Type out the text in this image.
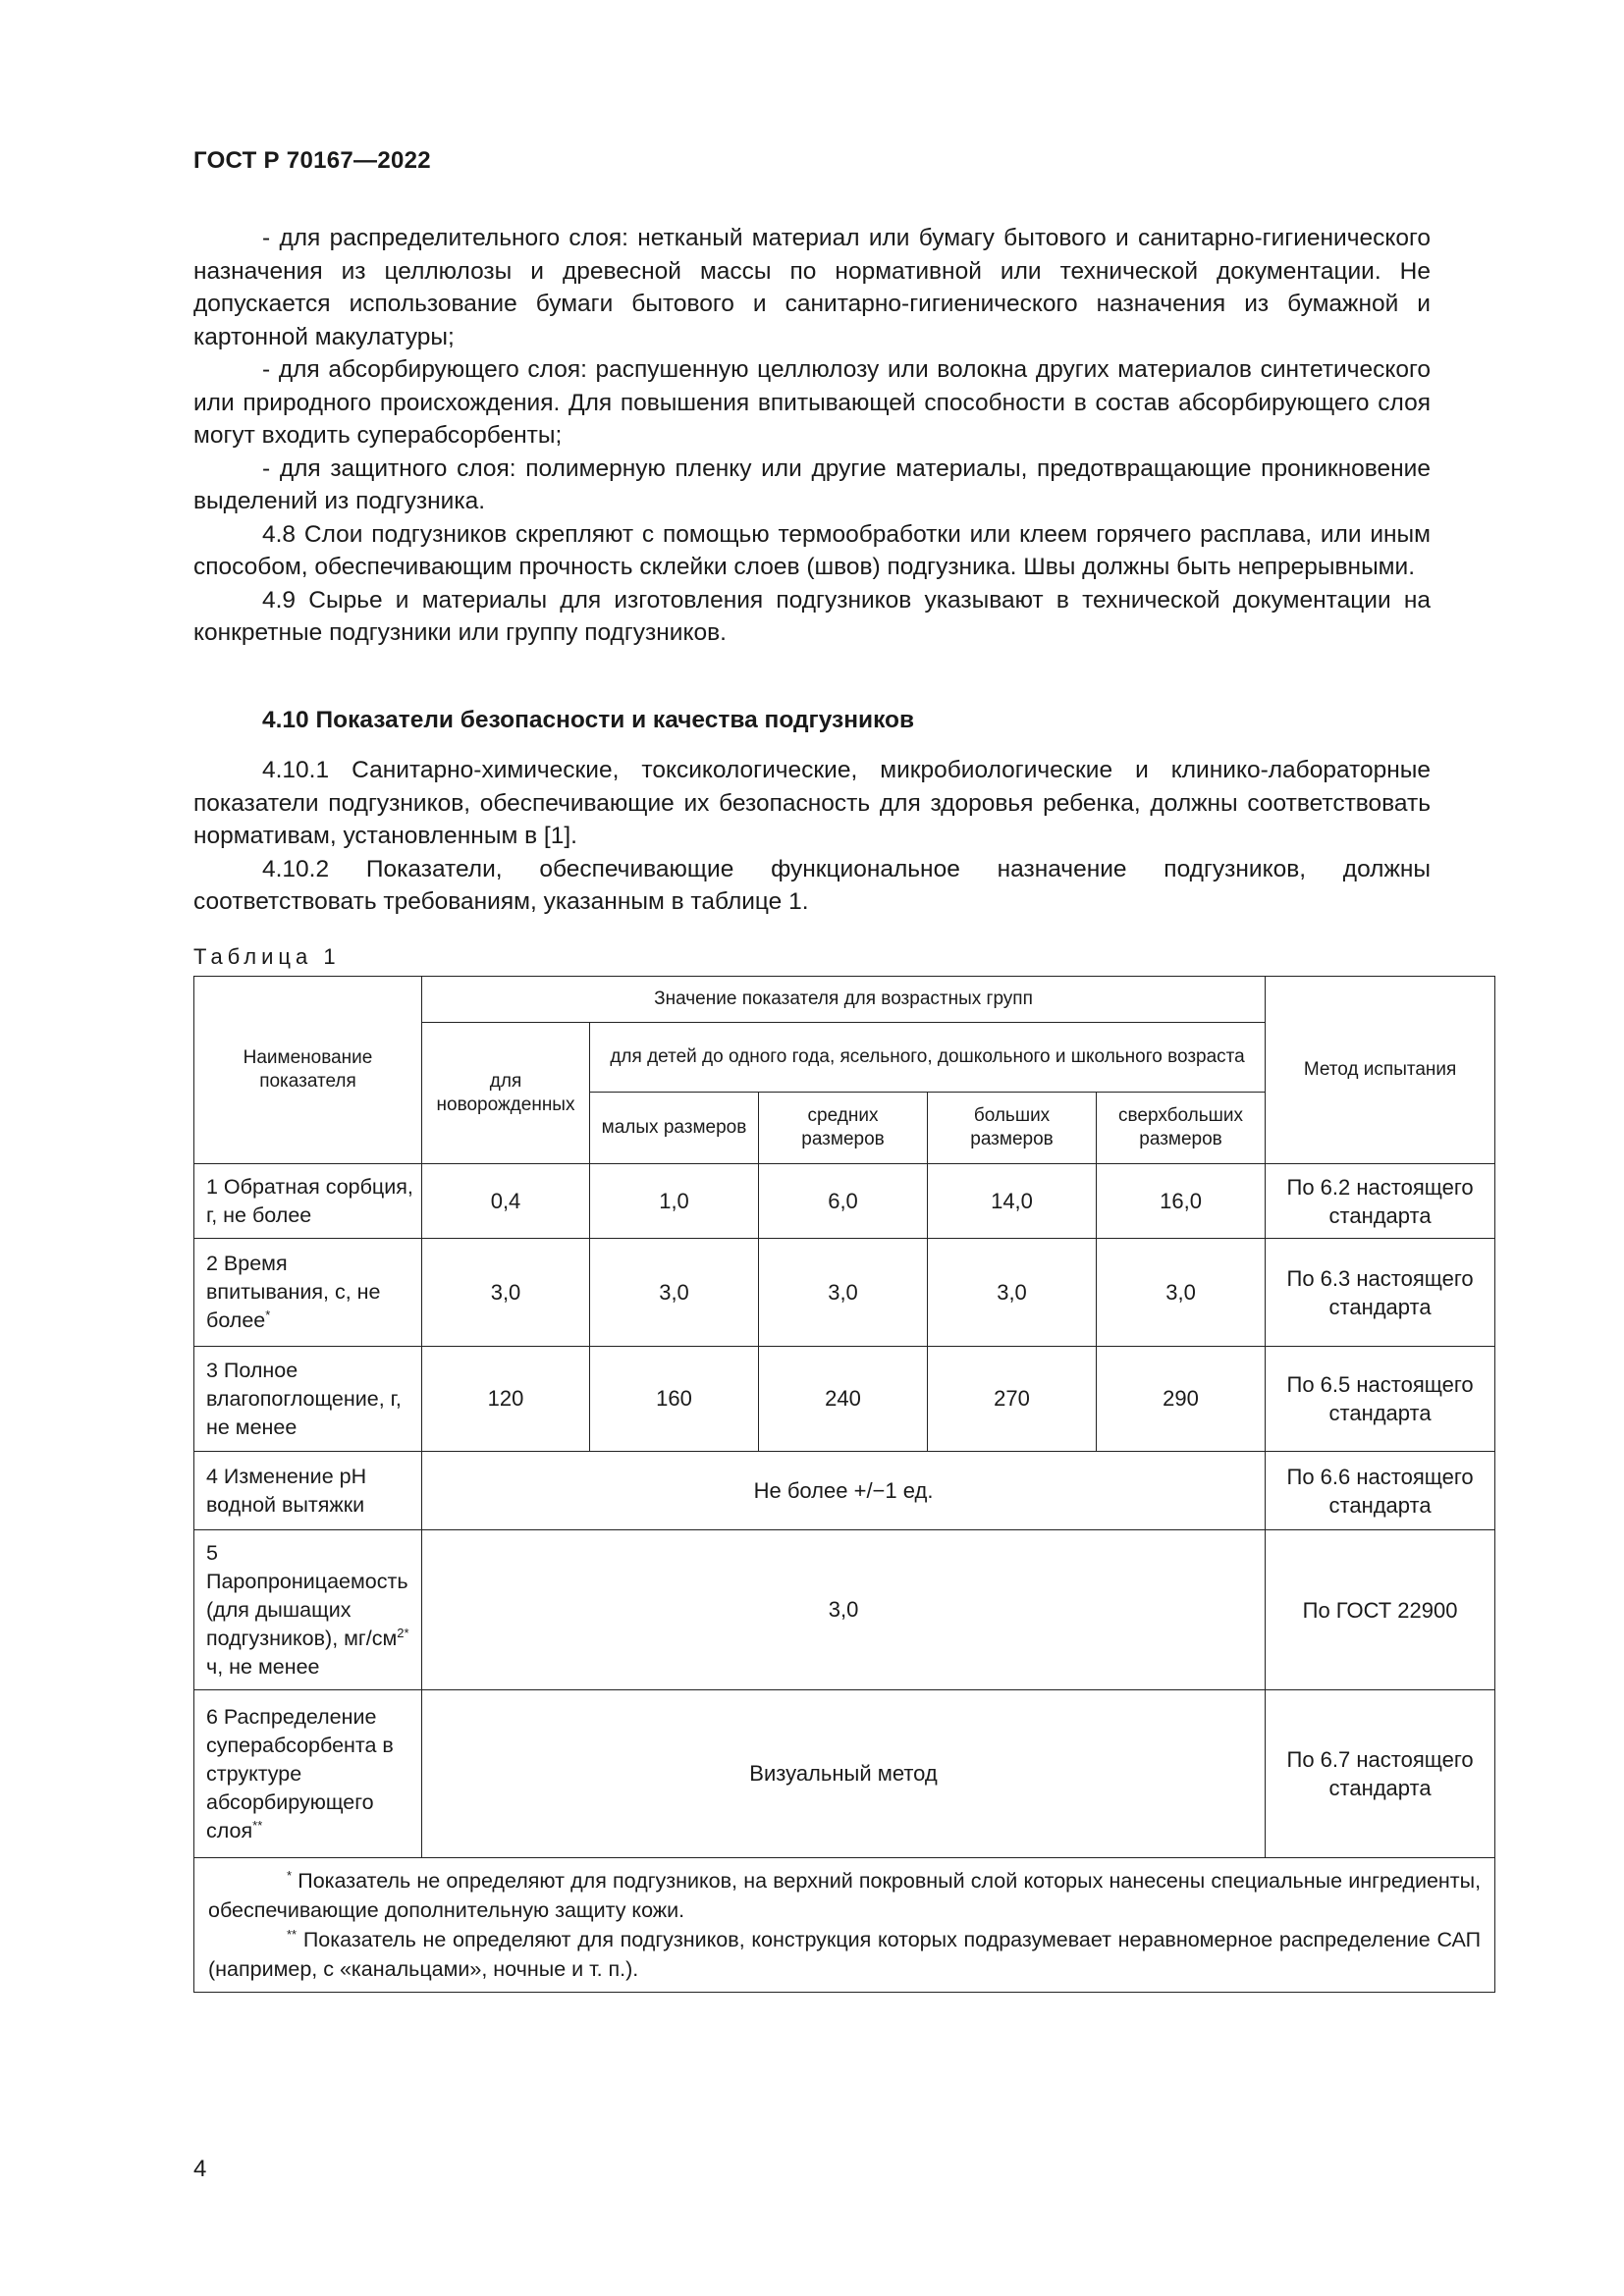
ГОСТ Р 70167—2022

- для распределительного слоя: нетканый материал или бумагу бытового и санитарно-гигиенического назначения из целлюлозы и древесной массы по нормативной или технической документации. Не допускается использование бумаги бытового и санитарно-гигиенического назначения из бумажной и картонной макулатуры;

- для абсорбирующего слоя: распушенную целлюлозу или волокна других материалов синтетического или природного происхождения. Для повышения впитывающей способности в состав абсорбирующего слоя могут входить суперабсорбенты;

- для защитного слоя: полимерную пленку или другие материалы, предотвращающие проникновение выделений из подгузника.

4.8 Слои подгузников скрепляют с помощью термообработки или клеем горячего расплава, или иным способом, обеспечивающим прочность склейки слоев (швов) подгузника. Швы должны быть непрерывными.

4.9 Сырье и материалы для изготовления подгузников указывают в технической документации на конкретные подгузники или группу подгузников.

4.10 Показатели безопасности и качества подгузников

4.10.1 Санитарно-химические, токсикологические, микробиологические и клинико-лабораторные показатели подгузников, обеспечивающие их безопасность для здоровья ребенка, должны соответствовать нормативам, установленным в [1].

4.10.2 Показатели, обеспечивающие функциональное назначение подгузников, должны соответствовать требованиям, указанным в таблице 1.

Таблица 1
Наименование показателя	Значение показателя для возрастных групп					Метод испытания
	для новорожденных	для детей до одного года, ясельного, дошкольного и школьного возраста				
		малых размеров	средних размеров	больших размеров	сверхбольших размеров	
1 Обратная сорбция, г, не более	0,4	1,0	6,0	14,0	16,0	По 6.2 настоящего стандарта
2 Время впитывания, с, не более*	3,0	3,0	3,0	3,0	3,0	По 6.3 настоящего стандарта
3 Полное влагопоглощение, г, не менее	120	160	240	270	290	По 6.5 настоящего стандарта
4 Изменение pH водной вытяжки	Не более +/−1 ед.					По 6.6 настоящего стандарта
5 Паропроницаемость (для дышащих подгузников), $мг/см^{2*}$ ч, не менее	3,0					По ГОСТ 22900
6 Распределение суперабсорбента в структуре абсорбирующего слоя**	Визуальный метод					По 6.7 настоящего стандарта

* Показатель не определяют для подгузников, на верхний покровный слой которых нанесены специальные ингредиенты, обеспечивающие дополнительную защиту кожи.

** Показатель не определяют для подгузников, конструкция которых подразумевает неравномерное распределение САП (например, с «канальцами», ночные и т. п.).						

4
